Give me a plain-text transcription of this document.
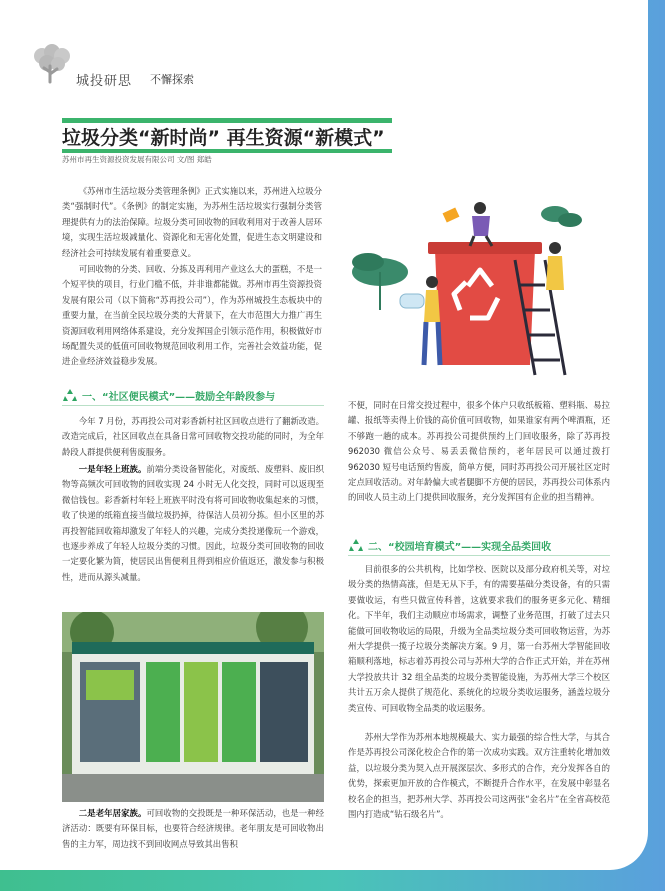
城投研思 不懈探索
垃圾分类“新时尚” 再生资源“新模式”
苏州市再生资源投资发展有限公司 文/图 郑皓

《苏州市生活垃圾分类管理条例》正式实施以来，苏州进入垃圾分类“强制时代”。《条例》的制定实施，为苏州生活垃圾实行强制分类管理提供有力的法治保障。垃圾分类可回收物的回收利用对于改善人居环境，实现生活垃圾减量化、资源化和无害化处置，促进生态文明建设和经济社会可持续发展有着重要意义。

可回收物的分类、回收、分拣及再利用产业这么大的蛋糕，不是一个短平快的项目，行业门槛不低，并非谁都能做。苏州市再生资源投资发展有限公司（以下简称“苏再投公司”），作为苏州城投生态板块中的重要力量，在当前全民垃圾分类的大背景下，在大市范围大力推广再生资源回收利用网络体系建设，充分发挥国企引领示范作用，积极做好市场配置失灵的低值可回收物规范回收利用工作，完善社会效益功能，促进企业经济效益稳步发展。

一、“社区便民模式”——鼓励全年龄段参与

今年 7 月份，苏再投公司对彩香新村社区回收点进行了翻新改造。改造完成后，社区回收点在具备日常可回收物交投功能的同时，为全年龄段人群提供便利售废服务。

一是年轻上班族。前端分类设备智能化，对废纸、废塑料、废旧织物等高频次可回收物的回收实现 24 小时无人化交投，同时可以返现至微信钱包。彩香新村年轻上班族平时没有将可回收物收集起来的习惯，收了快递的纸箱直接当做垃圾扔掉，待保洁人员初分拣。但小区里的苏再投智能回收箱却激发了年轻人的兴趣，完成分类投递像玩一个游戏，也逐步养成了年轻人垃圾分类的习惯。因此，垃圾分类可回收物的回收一定要化繁为简，使居民出售便利且得到相应价值返还，激发参与积极性，进而从源头减量。

二是老年居家族。可回收物的交投既是一种环保活动，也是一种经济活动：既要有环保目标，也要符合经济规律。老年朋友是可回收物出售的主力军，周边找不到回收网点导致其出售积

不便，同时在日常交投过程中，很多个体户只收纸板箱、塑料瓶、易拉罐、报纸等卖得上价钱的高价值可回收物，如果谁家有两个啤酒瓶，还不够跑一趟的成本。苏再投公司提供预约上门回收服务，除了苏再投 962030 微信公众号、易丢丢微信预约，老年居民可以通过拨打 962030 短号电话预约售废，简单方便，同时苏再投公司开展社区定时定点回收活动。对年龄偏大或者腿脚不方便的居民，苏再投公司体系内的回收人员主动上门提供回收服务，充分发挥国有企业的担当精神。

二、“校园培育模式”——实现全品类回收

目前很多的公共机构，比如学校、医院以及部分政府机关等，对垃圾分类的热情高涨，但是无从下手，有的需要基础分类设备，有的只需要做收运，有些只做宣传科普，这就要求我们的服务更多元化、精细化。下半年，我们主动顺应市场需求，调整了业务范围，打破了过去只能做可回收物收运的局限，升级为全品类垃圾分类可回收物运营，为苏州大学提供一揽子垃圾分类解决方案。9 月，第一台苏州大学智能回收箱顺利落地，标志着苏再投公司与苏州大学的合作正式开始，并在苏州大学投放共计 32 组全品类的垃圾分类智能设施，为苏州大学三个校区共计五万余人提供了规范化、系统化的垃圾分类收运服务，涵盖垃圾分类宣传、可回收物全品类的收运服务。

苏州大学作为苏州本地规模最大、实力最强的综合性大学，与其合作是苏再投公司深化校企合作的第一次成功实践。双方注重转化增加效益，以垃圾分类为契入点开展深层次、多形式的合作，充分发挥各自的优势，探索更加开放的合作模式，不断提升合作水平，在发展中彰显名校名企的担当，把苏州大学、苏再投公司这两张“金名片”在全省高校范围内打造成“钻石级名片”。
